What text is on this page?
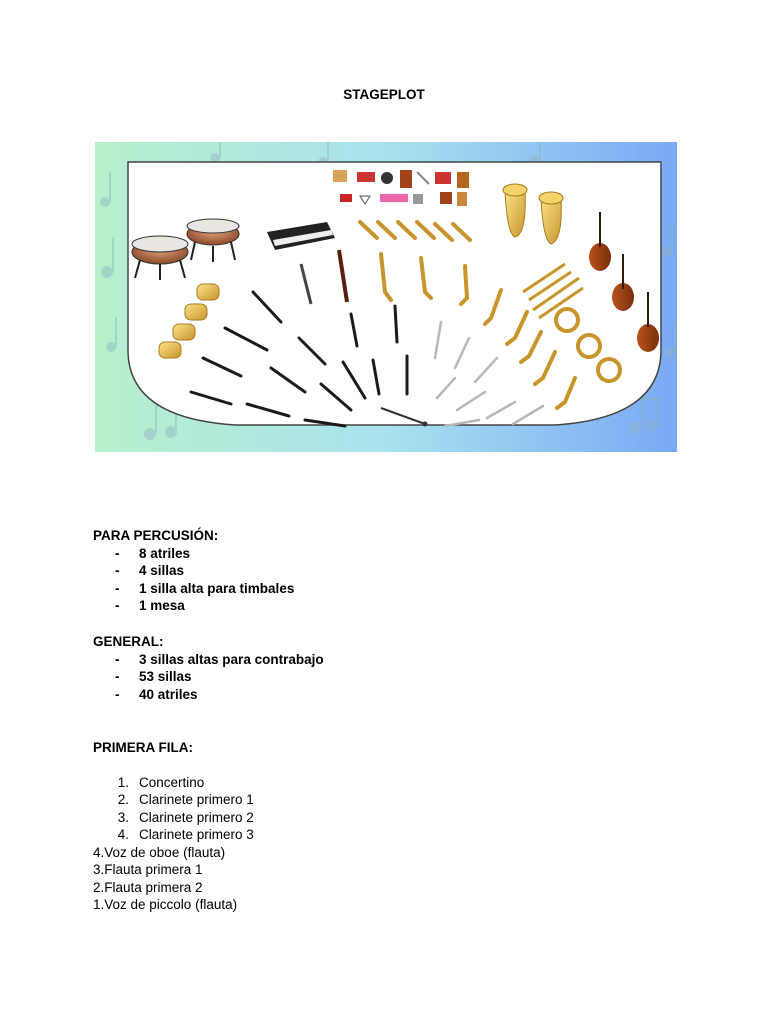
STAGEPLOT
PARA PERCUSIÓN:
- 8 atriles
- 4 sillas
- 1 silla alta para timbales
- 1 mesa
GENERAL:
- 3 sillas altas para contrabajo
- 53 sillas
- 40 atriles
PRIMERA FILA:
1. Concertino
2. Clarinete primero 1
3. Clarinete primero 2
4. Clarinete primero 3
4.Voz de oboe (flauta)
3.Flauta primera 1
2.Flauta primera 2
1.Voz de piccolo (flauta)
